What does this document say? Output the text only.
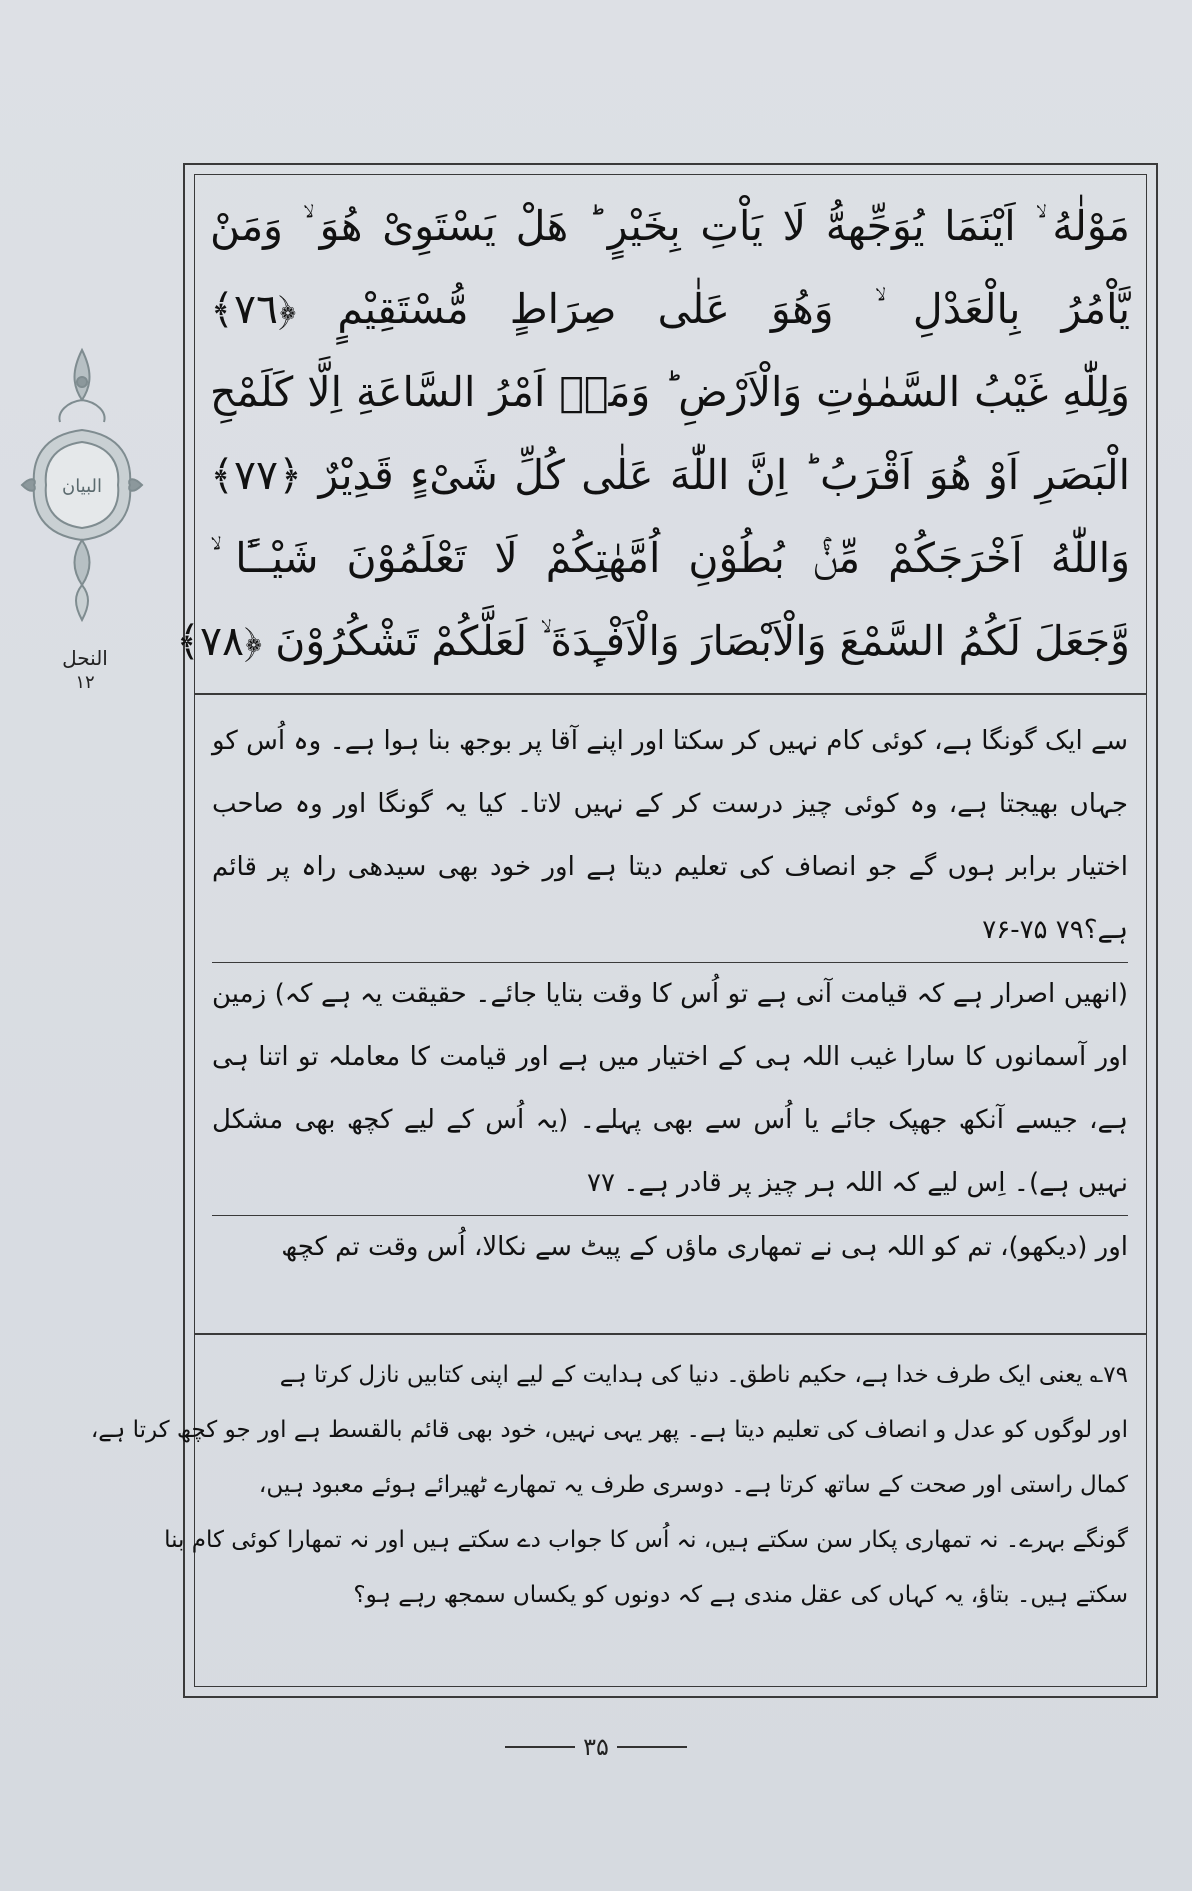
البیان
النحل
١٢
مَوْلٰهُ ۙ اَيْنَمَا يُوَجِّههُّ لَا يَاْتِ بِخَيْرٍ ؕ هَلْ يَسْتَوِىْ هُوَ ۙ وَمَنْ
يَّاْمُرُ بِالْعَدْلِ ۙ وَهُوَ عَلٰى صِرَاطٍ مُّسْتَقِيْمٍ ﴿٧٦﴾
وَلِلّٰهِ غَيْبُ السَّمٰوٰتِ وَالْاَرْضِ ؕ وَمَاۤ اَمْرُ السَّاعَةِ اِلَّا كَلَمْحِ
الْبَصَرِ اَوْ هُوَ اَقْرَبُ ؕ اِنَّ اللّٰهَ عَلٰى كُلِّ شَىْءٍ قَدِيْرٌ ﴿٧٧﴾
وَاللّٰهُ اَخْرَجَكُمْ مِّنْۢ بُطُوْنِ اُمَّهٰتِكُمْ لَا تَعْلَمُوْنَ شَيْــًٔا ۙ
وَّجَعَلَ لَكُمُ السَّمْعَ وَالْاَبْصَارَ وَالْاَفْـِٕدَةَ ۙ لَعَلَّكُمْ تَشْكُرُوْنَ ﴿٧٨﴾

سے ایک گونگا ہے، کوئی کام نہیں کر سکتا اور اپنے آقا پر بوجھ بنا ہوا ہے۔ وہ اُس کو جہاں بھیجتا ہے، وہ کوئی چیز درست کر کے نہیں لاتا۔ کیا یہ گونگا اور وہ صاحب اختیار برابر ہوں گے جو انصاف کی تعلیم دیتا ہے اور خود بھی سیدھی راہ پر قائم ہے؟۷۹ ۷۵-۷۶

(انھیں اصرار ہے کہ قیامت آنی ہے تو اُس کا وقت بتایا جائے۔ حقیقت یہ ہے کہ) زمین اور آسمانوں کا سارا غیب اللہ ہی کے اختیار میں ہے اور قیامت کا معاملہ تو اتنا ہی ہے، جیسے آنکھ جھپک جائے یا اُس سے بھی پہلے۔ (یہ اُس کے لیے کچھ بھی مشکل نہیں ہے)۔ اِس لیے کہ اللہ ہر چیز پر قادر ہے۔ ۷۷

اور (دیکھو)، تم کو اللہ ہی نے تمھاری ماؤں کے پیٹ سے نکالا، اُس وقت تم کچھ

۷۹؎ یعنی ایک طرف خدا ہے، حکیم ناطق۔ دنیا کی ہدایت کے لیے اپنی کتابیں نازل کرتا ہے

اور لوگوں کو عدل و انصاف کی تعلیم دیتا ہے۔ پھر یہی نہیں، خود بھی قائم بالقسط ہے اور جو کچھ کرتا ہے،

کمال راستی اور صحت کے ساتھ کرتا ہے۔ دوسری طرف یہ تمھارے ٹھیرائے ہوئے معبود ہیں،

گونگے بہرے۔ نہ تمھاری پکار سن سکتے ہیں، نہ اُس کا جواب دے سکتے ہیں اور نہ تمھارا کوئی کام بنا

سکتے ہیں۔ بتاؤ، یہ کہاں کی عقل مندی ہے کہ دونوں کو یکساں سمجھ رہے ہو؟

۳۵
